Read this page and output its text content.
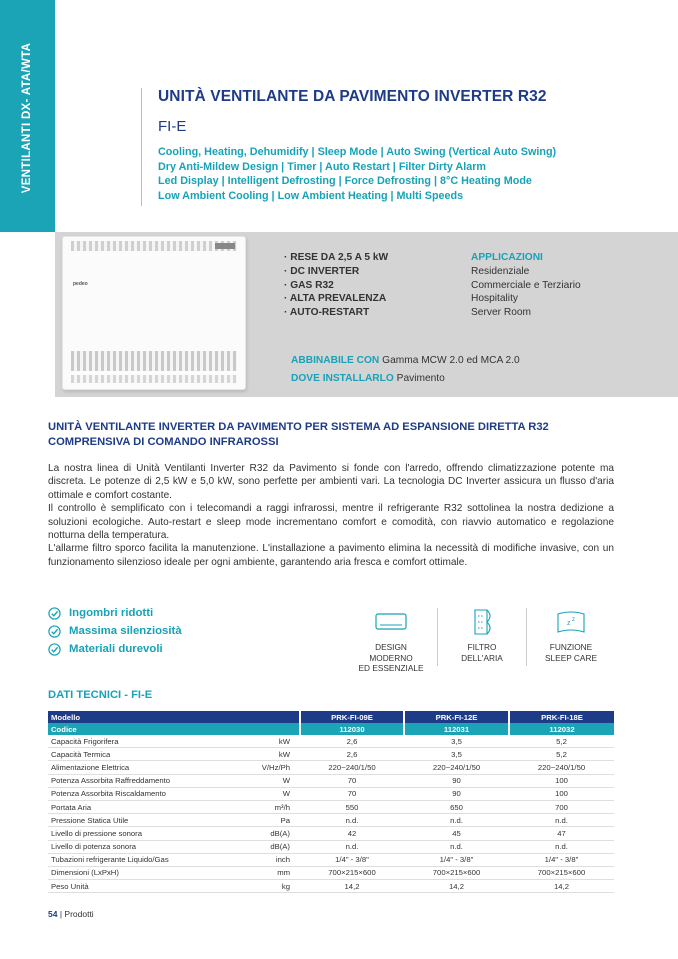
VENTILANTI DX- ATA/WTA	UNITÀ VENTILANTE DA PAVIMENTO INVERTER R32
FI-E
Cooling, Heating, Dehumidify | Sleep Mode | Auto Swing (Vertical Auto Swing)
Dry Anti-Mildew Design | Timer | Auto Restart | Filter Dirty Alarm
Led Display | Intelligent Defrosting | Force Defrosting | 8°C Heating Mode
Low Ambient Cooling | Low Ambient Heating | Multi Speeds
pedeo
· RESE DA 2,5 A 5 kW
· DC INVERTER
· GAS R32
· ALTA PREVALENZA
· AUTO-RESTART
APPLICAZIONI
Residenziale
Commerciale e Terziario
Hospitality
Server Room
ABBINABILE CON Gamma MCW 2.0 ed MCA 2.0
DOVE INSTALLARLO Pavimento
UNITÀ VENTILANTE INVERTER DA PAVIMENTO PER SISTEMA AD ESPANSIONE DIRETTA R32
COMPRENSIVA DI COMANDO INFRAROSSI

La nostra linea di Unità Ventilanti Inverter R32 da Pavimento si fonde con l'arredo, offrendo climatizzazione potente ma discreta. Le potenze di 2,5 kW e 5,0 kW, sono perfette per ambienti vari. La tecnologia DC Inverter assicura un flusso d'aria ottimale e comfort costante.

Il controllo è semplificato con i telecomandi a raggi infrarossi, mentre il refrigerante R32 sottolinea la nostra dedizione a soluzioni ecologiche. Auto-restart e sleep mode incrementano comfort e comodità, con riavvio automatico e regolazione notturna della temperatura.

L'allarme filtro sporco facilita la manutenzione. L'installazione a pavimento elimina la necessità di modifiche invasive, con un funzionamento silenzioso ideale per ogni ambiente, garantendo aria fresca e comfort ottimale.

Ingombri ridotti
Massima silenziosità
Materiali durevoli	DESIGN MODERNO
ED ESSENZIALE
FILTRO
DELL'ARIA
z z
FUNZIONE
SLEEP CARE
DATI TECNICI - FI-E
Modello		PRK-FI-09E	PRK-FI-12E	PRK-FI-18E
Codice		112030	112031	112032
Capacità Frigorifera	kW	2,6	3,5	5,2
Capacità Termica	kW	2,6	3,5	5,2
Alimentazione Elettrica	V/Hz/Ph	220~240/1/50	220~240/1/50	220~240/1/50
Potenza Assorbita Raffreddamento	W	70	90	100
Potenza Assorbita Riscaldamento	W	70	90	100
Portata Aria	m³/h	550	650	700
Pressione Statica Utile	Pa	n.d.	n.d.	n.d.
Livello di pressione sonora	dB(A)	42	45	47
Livello di potenza sonora	dB(A)	n.d.	n.d.	n.d.
Tubazioni refrigerante Liquido/Gas	inch	1/4" - 3/8"	1/4" - 3/8"	1/4" - 3/8"
Dimensioni (LxPxH)	mm	700×215×600	700×215×600	700×215×600
Peso Unità	kg	14,2	14,2	14,2
54 | Prodotti
